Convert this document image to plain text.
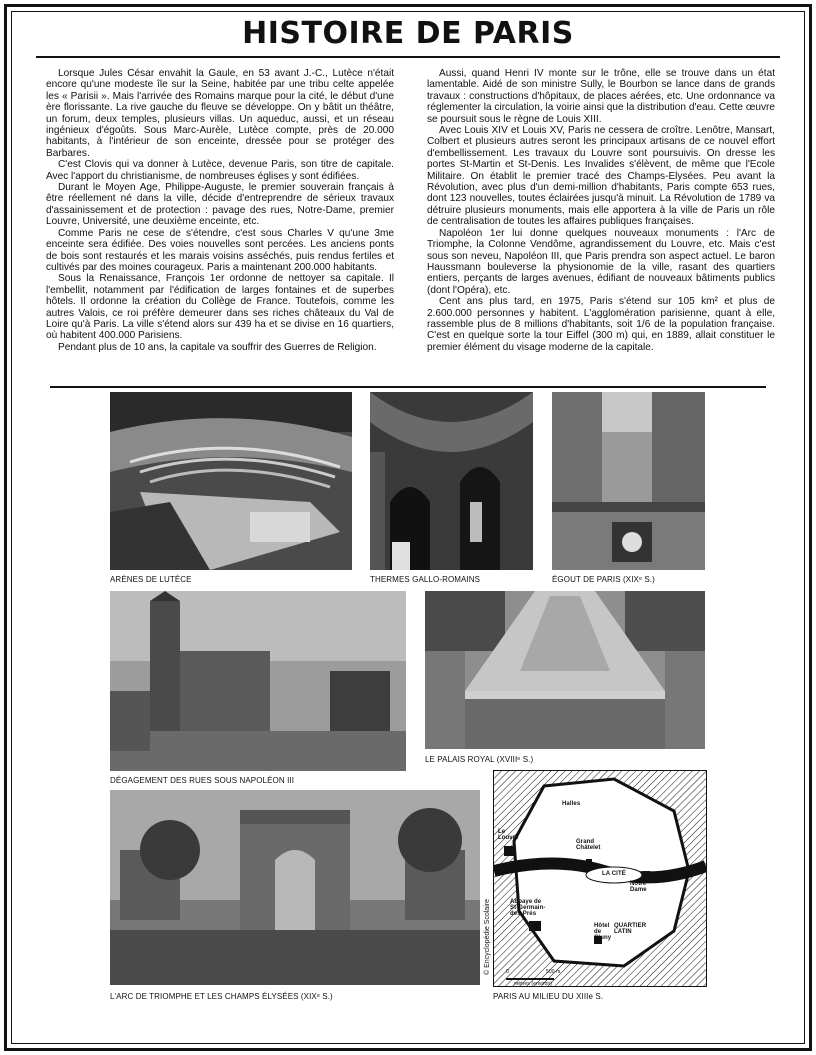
HISTOIRE DE PARIS

Lorsque Jules César envahit la Gaule, en 53 avant J.-C., Lutèce n'était encore qu'une modeste île sur la Seine, habitée par une tribu celte appelée les « Parisii ». Mais l'arrivée des Romains marque pour la cité, le début d'une ère florissante. La rive gauche du fleuve se développe. On y bâtit un théâtre, un forum, deux temples, plusieurs villas. Un aqueduc, aussi, et un réseau ingénieux d'égoûts. Sous Marc-Aurèle, Lutèce compte, près de 20.000 habitants, à l'intérieur de son enceinte, dressée pour se protéger des Barbares.

C'est Clovis qui va donner à Lutèce, devenue Paris, son titre de capitale. Avec l'apport du christianisme, de nombreuses églises y sont édifiées.

Durant le Moyen Age, Philippe-Auguste, le premier souverain français à être réellement né dans la ville, décide d'entreprendre de sérieux travaux d'assainissement et de protection : pavage des rues, Notre-Dame, premier Louvre, Université, une deuxième enceinte, etc.

Comme Paris ne cese de s'étendre, c'est sous Charles V qu'une 3me enceinte sera édifiée. Des voies nouvelles sont percées. Les anciens ponts de bois sont restaurés et les marais voisins asséchés, puis rendus fertiles et cultivés par des moines courageux. Paris a maintenant 200.000 habitants.

Sous la Renaissance, François 1er ordonne de nettoyer sa capitale. Il l'embellit, notamment par l'édification de larges fontaines et de superbes hôtels. Il ordonne la création du Collège de France. Toutefois, comme les autres Valois, ce roi préfère demeurer dans ses riches châteaux du Val de Loire qu'à Paris. La ville s'étend alors sur 439 ha et se divise en 16 quartiers, où habitent 400.000 Parisiens.

Pendant plus de 10 ans, la capitale va souffrir des Guerres de Religion.

Aussi, quand Henri IV monte sur le trône, elle se trouve dans un état lamentable. Aidé de son ministre Sully, le Bourbon se lance dans de grands travaux : constructions d'hôpitaux, de places aérées, etc. Une ordonnance va réglementer la circulation, la voirie ainsi que la distribution d'eau. Cette œuvre se poursuit sous le règne de Louis XIII.

Avec Louis XIV et Louis XV, Paris ne cessera de croître. Lenôtre, Mansart, Colbert et plusieurs autres seront les principaux artisans de ce nouvel effort d'embellissement. Les travaux du Louvre sont poursuivis. On dresse les portes St-Martin et St-Denis. Les Invalides s'élèvent, de même que l'Ecole Militaire. On établit le premier tracé des Champs-Elysées. Peu avant la Révolution, avec plus d'un demi-million d'habitants, Paris compte 653 rues, dont 123 nouvelles, toutes éclairées jusqu'à minuit. La Révolution de 1789 va détruire plusieurs monuments, mais elle apportera à la ville de Paris un rôle de centralisation de toutes les affaires publiques françaises.

Napoléon 1er lui donne quelques nouveaux monuments : l'Arc de Triomphe, la Colonne Vendôme, agrandissement du Louvre, etc. Mais c'est sous son neveu, Napoléon III, que Paris prendra son aspect actuel. Le baron Haussmann bouleverse la physionomie de la ville, rasant des quartiers entiers, perçants de larges avenues, édifiant de nouveaux bâtiments publics (dont l'Opéra), etc.

Cent ans plus tard, en 1975, Paris s'étend sur 105 km² et plus de 2.600.000 personnes y habitent. L'agglomération parisienne, quant à elle, rassemble plus de 8 millions d'habitants, soit 1/6 de la population française. C'est en quelque sorte la tour Eiffel (300 m) qui, en 1889, allait constituer le premier élément du visage moderne de la capitale.

ARÈNES DE LUTÈCE	THERMES GALLO-ROMAINS	ÉGOUT DE PARIS (XIXᵉ S.)
DÉGAGEMENT DES RUES SOUS NAPOLÉON III
LE PALAIS ROYAL (XVIIIᵉ S.)
L'ARC DE TRIOMPHE ET LES CHAMPS ÉLYSÉES (XIXᵉ S.)
Halles
Le Louvre
Grand Châtelet
La Seine
LA CITÉ
Notre Dame
Abbaye de St-Germain-des-Prés
Hôtel de Cluny
QUARTIER LATIN
0	500 m
mètres (environ)
© Encyclopédie Scolaire
PARIS AU MILIEU DU XIIIe S.
